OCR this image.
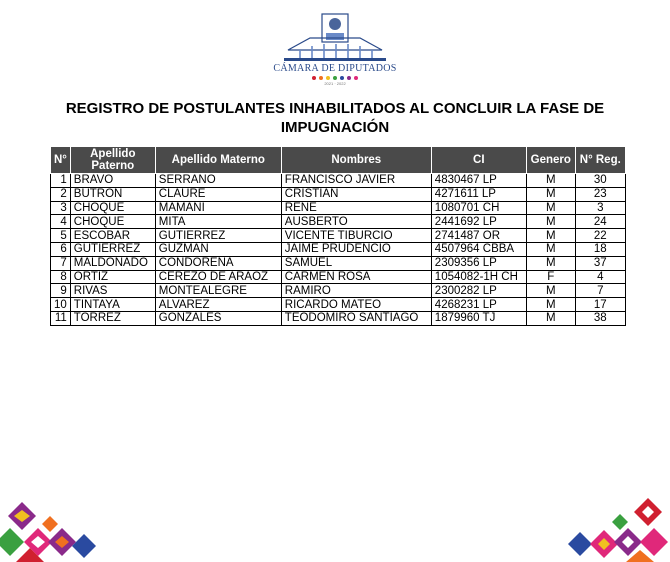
CÁMARA DE DIPUTADOS
2021 · 2022
REGISTRO DE POSTULANTES INHABILITADOS AL CONCLUIR LA FASE DE IMPUGNACIÓN
N°	Apellido Paterno	Apellido Materno	Nombres	CI	Genero	N° Reg.
1	BRAVO	SERRANO	FRANCISCO JAVIER	4830467 LP	M	30
2	BUTRON	CLAURE	CRISTIAN	4271611 LP	M	23
3	CHOQUE	MAMANI	RENE	1080701 CH	M	3
4	CHOQUE	MITA	AUSBERTO	2441692 LP	M	24
5	ESCOBAR	GUTIERREZ	VICENTE TIBURCIO	2741487 OR	M	22
6	GUTIÉRREZ	GUZMÁN	JAIME PRUDENCIO	4507964 CBBA	M	18
7	MALDONADO	CONDORENA	SAMUEL	2309356 LP	M	37
8	ORTIZ	CEREZO DE ARAOZ	CARMEN ROSA	1054082-1H CH	F	4
9	RIVAS	MONTEALEGRE	RAMIRO	2300282 LP	M	7
10	TINTAYA	ALVAREZ	RICARDO MATEO	4268231 LP	M	17
11	TORREZ	GONZALES	TEODOMIRO SANTIAGO	1879960 TJ	M	38
